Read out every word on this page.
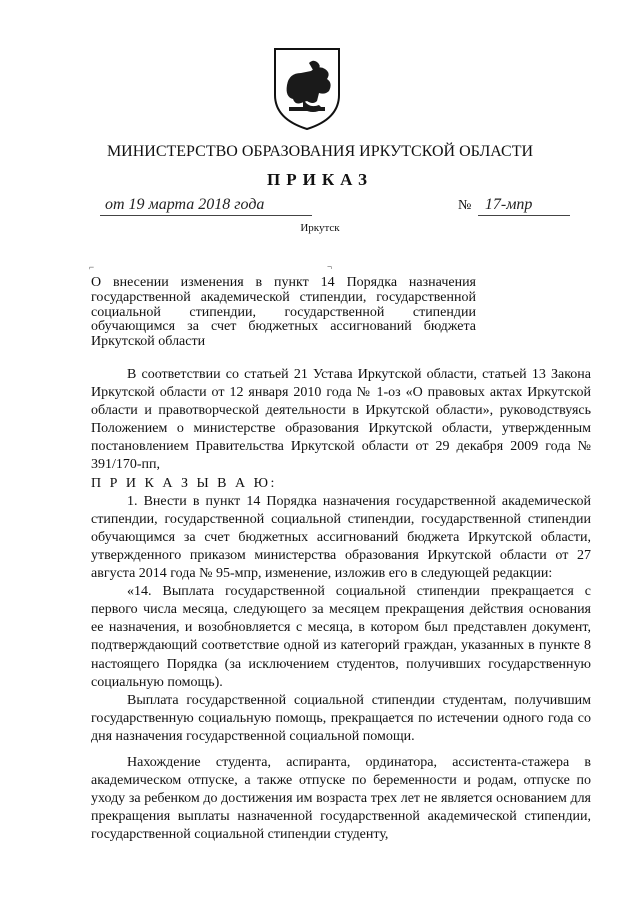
МИНИСТЕРСТВО ОБРАЗОВАНИЯ ИРКУТСКОЙ ОБЛАСТИ
ПРИКАЗ
от 19 марта 2018 года	№ 17-мпр
Иркутск
⌐	¬
О внесении изменения в пункт 14 Порядка назначения государственной академической стипендии, государственной социальной стипендии, государственной стипендии обучающимся за счет бюджетных ассигнований бюджета Иркутской области

В соответствии со статьей 21 Устава Иркутской области, статьей 13 Закона Иркутской области от 12 января 2010 года № 1-оз «О правовых актах Иркутской области и правотворческой деятельности в Иркутской области», руководствуясь Положением о министерстве образования Иркутской области, утвержденным постановлением Правительства Иркутской области от 29 декабря 2009 года № 391/170-пп,

П Р И К А З Ы В А Ю:

1. Внести в пункт 14 Порядка назначения государственной академической стипендии, государственной социальной стипендии, государственной стипендии обучающимся за счет бюджетных ассигнований бюджета Иркутской области, утвержденного приказом министерства образования Иркутской области от 27 августа 2014 года № 95-мпр, изменение, изложив его в следующей редакции:

«14. Выплата государственной социальной стипендии прекращается с первого числа месяца, следующего за месяцем прекращения действия основания ее назначения, и возобновляется с месяца, в котором был представлен документ, подтверждающий соответствие одной из категорий граждан, указанных в пункте 8 настоящего Порядка (за исключением студентов, получивших государственную социальную помощь).

Выплата государственной социальной стипендии студентам, получившим государственную социальную помощь, прекращается по истечении одного года со дня назначения государственной социальной помощи.

Нахождение студента, аспиранта, ординатора, ассистента-стажера в академическом отпуске, а также отпуске по беременности и родам, отпуске по уходу за ребенком до достижения им возраста трех лет не является основанием для прекращения выплаты назначенной государственной академической стипендии, государственной социальной стипендии студенту,
